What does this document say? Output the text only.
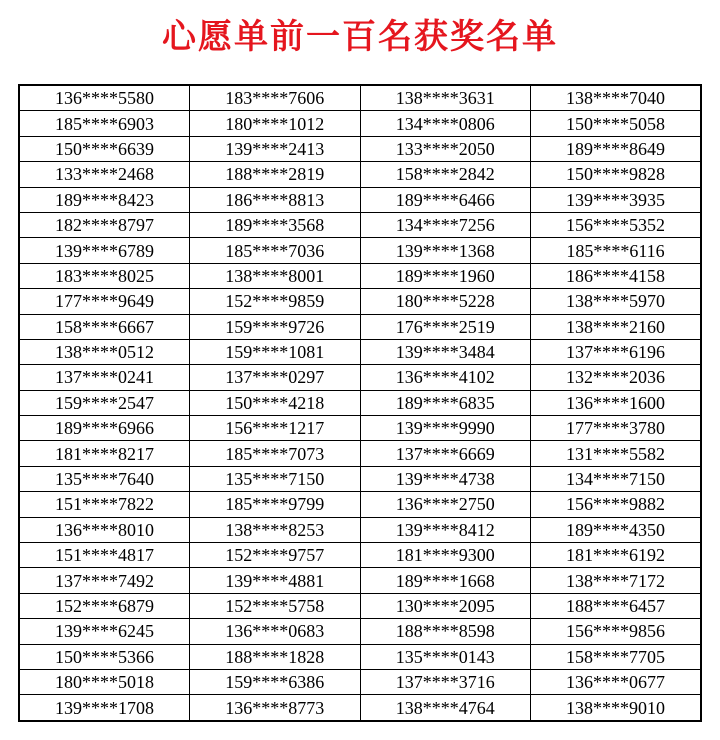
心愿单前一百名获奖名单
136****5580	183****7606	138****3631	138****7040
185****6903	180****1012	134****0806	150****5058
150****6639	139****2413	133****2050	189****8649
133****2468	188****2819	158****2842	150****9828
189****8423	186****8813	189****6466	139****3935
182****8797	189****3568	134****7256	156****5352
139****6789	185****7036	139****1368	185****6116
183****8025	138****8001	189****1960	186****4158
177****9649	152****9859	180****5228	138****5970
158****6667	159****9726	176****2519	138****2160
138****0512	159****1081	139****3484	137****6196
137****0241	137****0297	136****4102	132****2036
159****2547	150****4218	189****6835	136****1600
189****6966	156****1217	139****9990	177****3780
181****8217	185****7073	137****6669	131****5582
135****7640	135****7150	139****4738	134****7150
151****7822	185****9799	136****2750	156****9882
136****8010	138****8253	139****8412	189****4350
151****4817	152****9757	181****9300	181****6192
137****7492	139****4881	189****1668	138****7172
152****6879	152****5758	130****2095	188****6457
139****6245	136****0683	188****8598	156****9856
150****5366	188****1828	135****0143	158****7705
180****5018	159****6386	137****3716	136****0677
139****1708	136****8773	138****4764	138****9010
